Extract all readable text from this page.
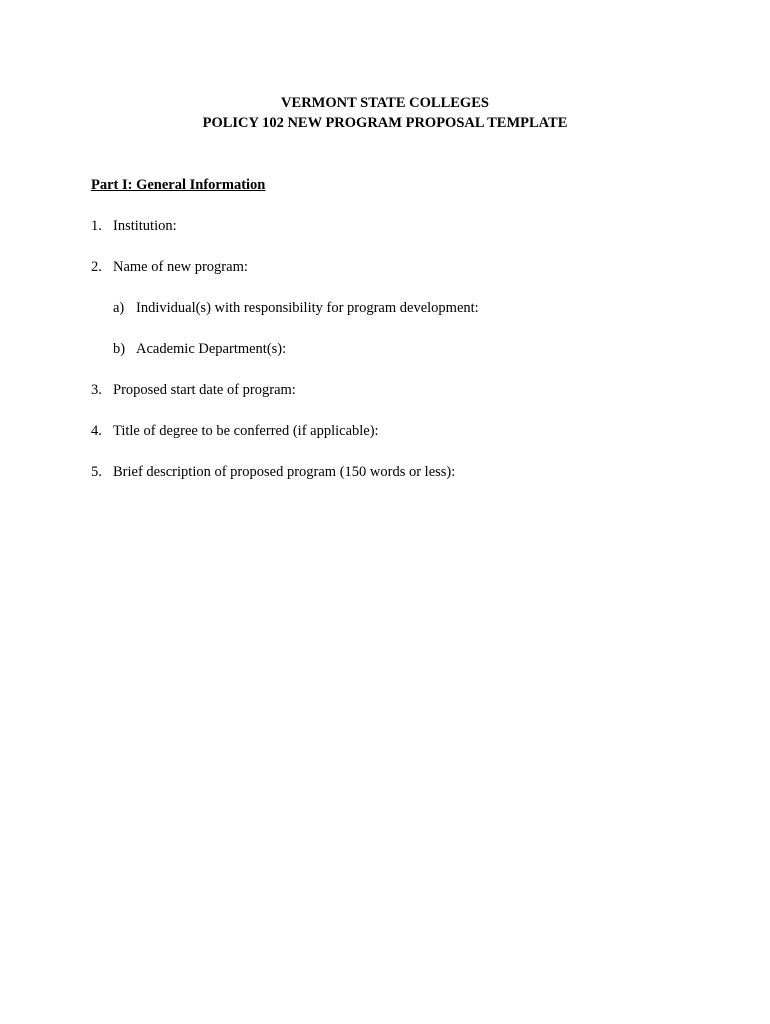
VERMONT STATE COLLEGES
POLICY 102 NEW PROGRAM PROPOSAL TEMPLATE
Part I: General Information
1. Institution:
2. Name of new program:
a) Individual(s) with responsibility for program development:
b) Academic Department(s):
3. Proposed start date of program:
4. Title of degree to be conferred (if applicable):
5. Brief description of proposed program (150 words or less):
